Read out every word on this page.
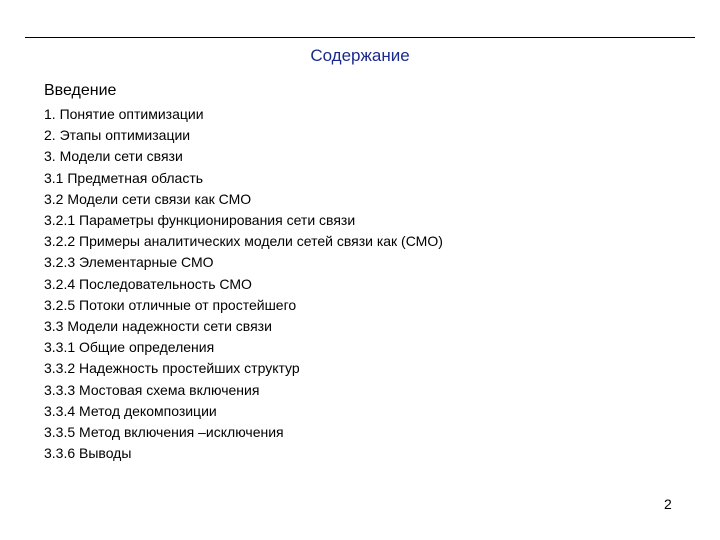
Содержание
Введение
1. Понятие оптимизации
2. Этапы оптимизации
3. Модели сети связи
3.1 Предметная область
3.2 Модели сети связи как СМО
3.2.1 Параметры функционирования сети связи
3.2.2 Примеры аналитических модели сетей связи как (СМО)
3.2.3 Элементарные СМО
3.2.4 Последовательность СМО
3.2.5 Потоки отличные от простейшего
3.3 Модели надежности сети связи
3.3.1 Общие определения
3.3.2 Надежность простейших структур
3.3.3 Мостовая схема включения
3.3.4 Метод декомпозиции
3.3.5 Метод включения –исключения
3.3.6 Выводы
2
